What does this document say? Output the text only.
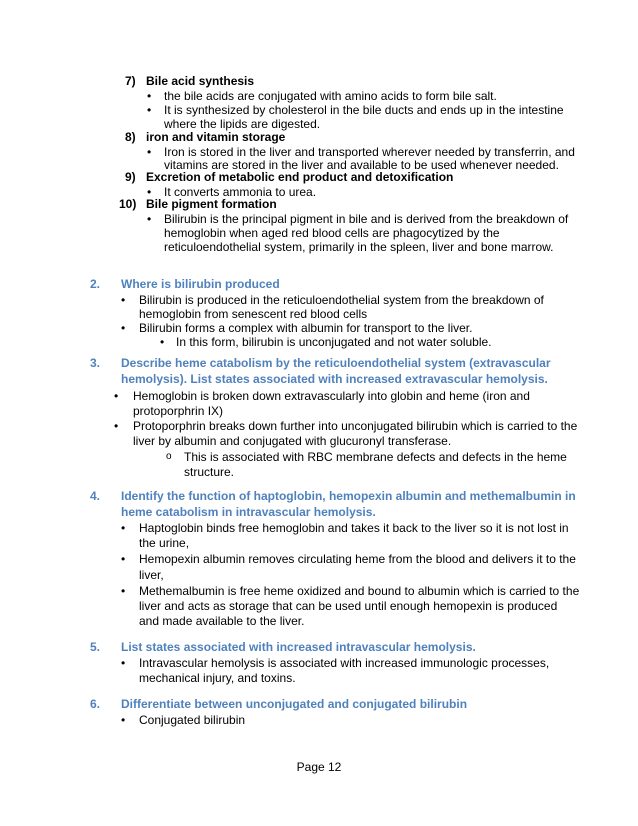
7) Bile acid synthesis
• the bile acids are conjugated with amino acids to form bile salt.
• It is synthesized by cholesterol in the bile ducts and ends up in the intestine
where the lipids are digested.
8) iron and vitamin storage
• Iron is stored in the liver and transported wherever needed by transferrin, and
vitamins are stored in the liver and available to be used whenever needed.
9) Excretion of metabolic end product and detoxification
• It converts ammonia to urea.
10) Bile pigment formation
• Bilirubin is the principal pigment in bile and is derived from the breakdown of
hemoglobin when aged red blood cells are phagocytized by the
reticuloendothelial system, primarily in the spleen, liver and bone marrow.
2. Where is bilirubin produced
• Bilirubin is produced in the reticuloendothelial system from the breakdown of
hemoglobin from senescent red blood cells
• Bilirubin forms a complex with albumin for transport to the liver.
• In this form, bilirubin is unconjugated and not water soluble.
3. Describe heme catabolism by the reticuloendothelial system (extravascular
hemolysis). List states associated with increased extravascular hemolysis.
• Hemoglobin is broken down extravascularly into globin and heme (iron and
protoporphrin IX)
• Protoporphrin breaks down further into unconjugated bilirubin which is carried to the
liver by albumin and conjugated with glucuronyl transferase.
o This is associated with RBC membrane defects and defects in the heme
structure.
4. Identify the function of haptoglobin, hemopexin albumin and methemalbumin in
heme catabolism in intravascular hemolysis.
• Haptoglobin binds free hemoglobin and takes it back to the liver so it is not lost in
the urine,
• Hemopexin albumin removes circulating heme from the blood and delivers it to the
liver,
• Methemalbumin is free heme oxidized and bound to albumin which is carried to the
liver and acts as storage that can be used until enough hemopexin is produced
and made available to the liver.
5. List states associated with increased intravascular hemolysis.
• Intravascular hemolysis is associated with increased immunologic processes,
mechanical injury, and toxins.
6. Differentiate between unconjugated and conjugated bilirubin
• Conjugated bilirubin
Page 12
